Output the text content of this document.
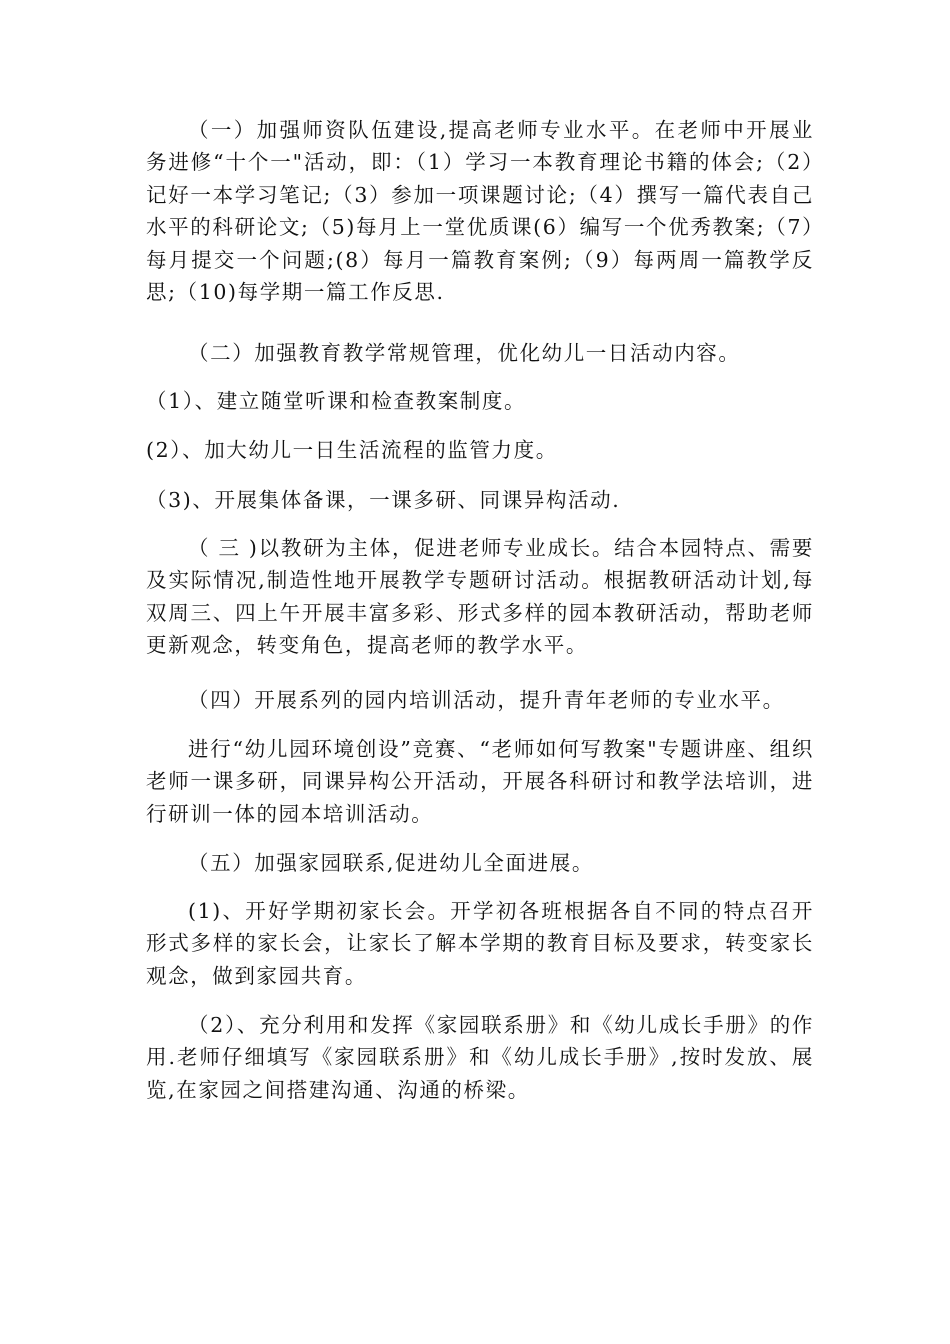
（一）加强师资队伍建设,提高老师专业水平。在老师中开展业务进修“十个一"活动，即：（1）学习一本教育理论书籍的体会;（2）记好一本学习笔记;（3）参加一项课题讨论;（4）撰写一篇代表自己水平的科研论文;（5)每月上一堂优质课(6）编写一个优秀教案;（7）每月提交一个问题;(8）每月一篇教育案例;（9）每两周一篇教学反思;（10)每学期一篇工作反思.

（二）加强教育教学常规管理，优化幼儿一日活动内容。

（1）、建立随堂听课和检查教案制度。

(2）、加大幼儿一日生活流程的监管力度。

（3)、开展集体备课，一课多研、同课异构活动.

（ 三 )以教研为主体，促进老师专业成长。结合本园特点、需要及实际情况,制造性地开展教学专题研讨活动。根据教研活动计划,每双周三、四上午开展丰富多彩、形式多样的园本教研活动，帮助老师更新观念，转变角色，提高老师的教学水平。

（四）开展系列的园内培训活动，提升青年老师的专业水平。

进行“幼儿园环境创设”竞赛、“老师如何写教案"专题讲座、组织老师一课多研，同课异构公开活动，开展各科研讨和教学法培训，进行研训一体的园本培训活动。

（五）加强家园联系,促进幼儿全面进展。

(1)、开好学期初家长会。开学初各班根据各自不同的特点召开形式多样的家长会，让家长了解本学期的教育目标及要求，转变家长观念，做到家园共育。

（2）、充分利用和发挥《家园联系册》和《幼儿成长手册》的作用.老师仔细填写《家园联系册》和《幼儿成长手册》,按时发放、展览,在家园之间搭建沟通、沟通的桥梁。
